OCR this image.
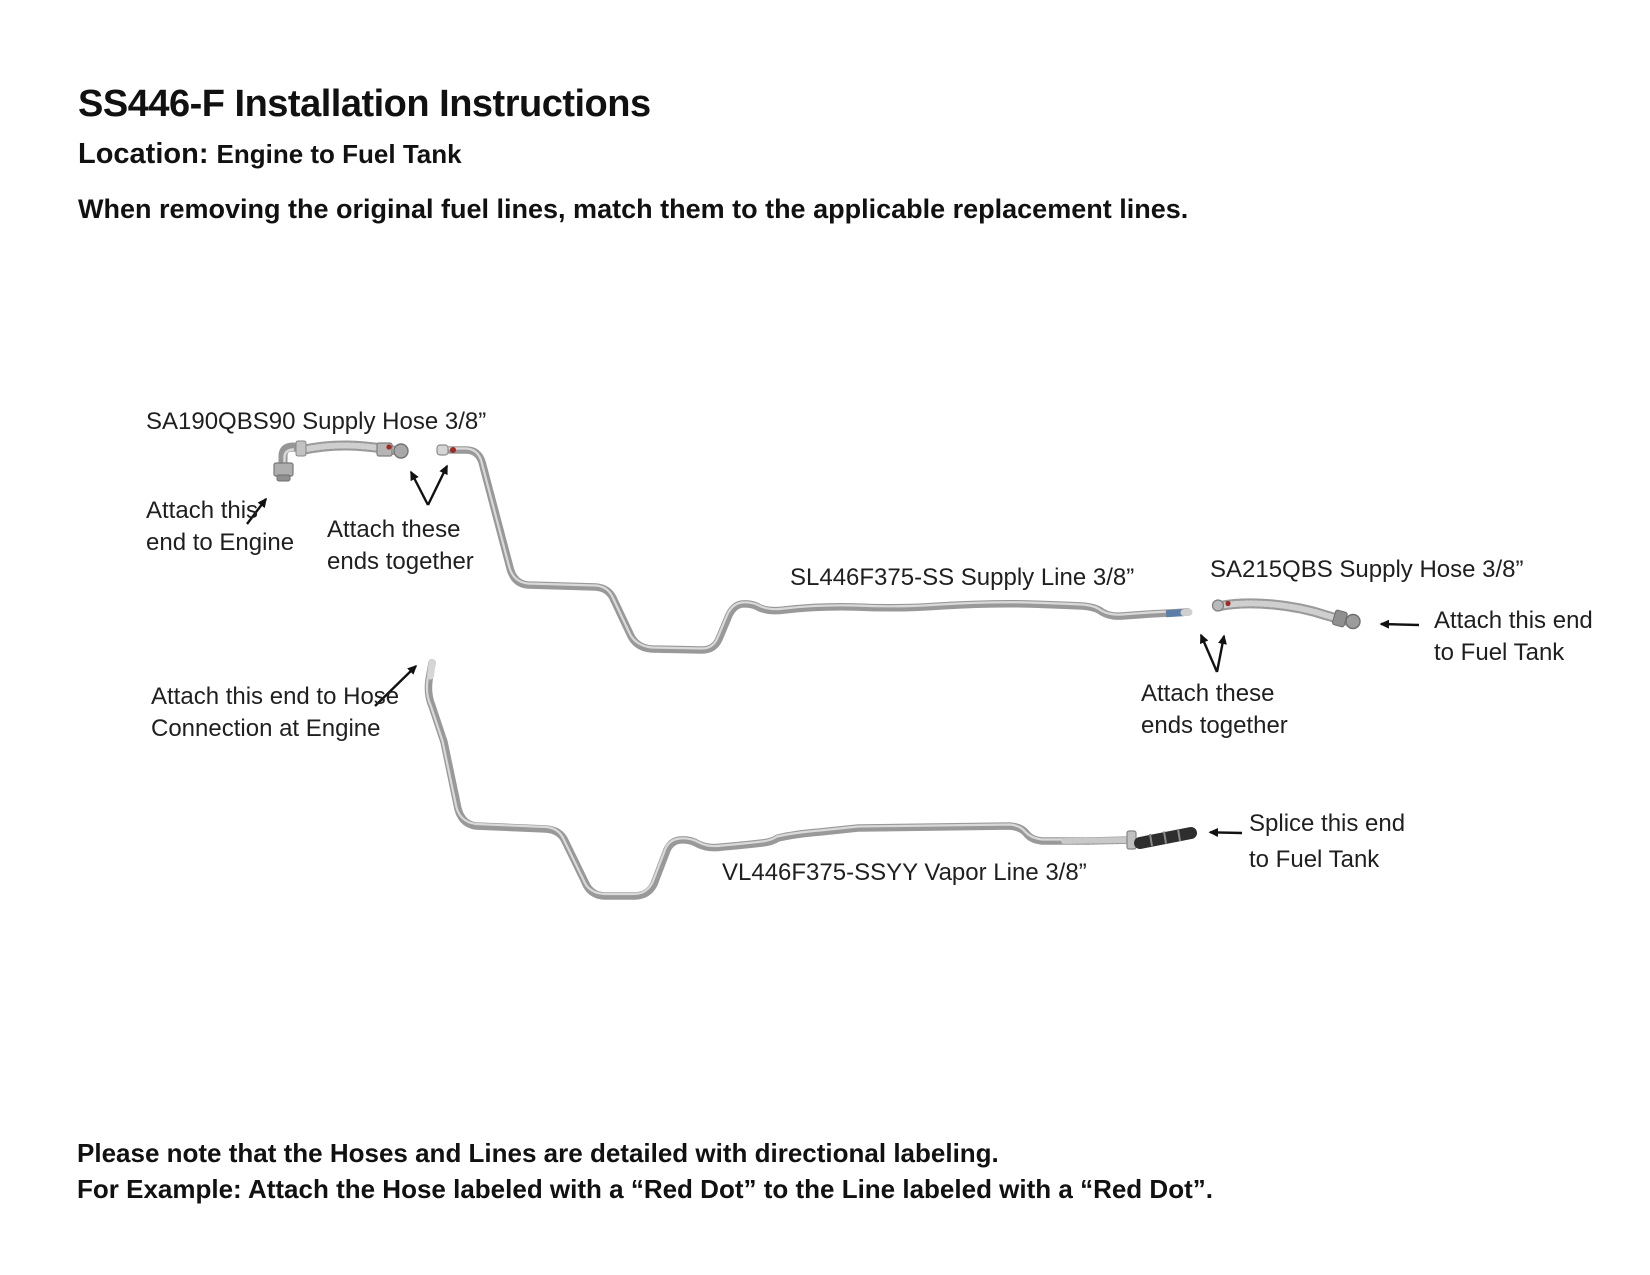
SS446-F Installation Instructions
Location: Engine to Fuel Tank
When removing the original fuel lines, match them to the applicable replacement lines.
SA190QBS90 Supply Hose 3/8”
SL446F375-SS Supply Line 3/8”	SA215QBS Supply Hose 3/8”
VL446F375-SSYY Vapor Line 3/8”
Attach this
end to Engine Attach these
ends together
Attach this end to Hose
Connection at Engine
Attach these
ends together
Attach this end
to Fuel Tank
Splice this end
to Fuel Tank
Please note that the Hoses and Lines are detailed with directional labeling.
For Example: Attach the Hose labeled with a “Red Dot” to the Line labeled with a “Red Dot”.
